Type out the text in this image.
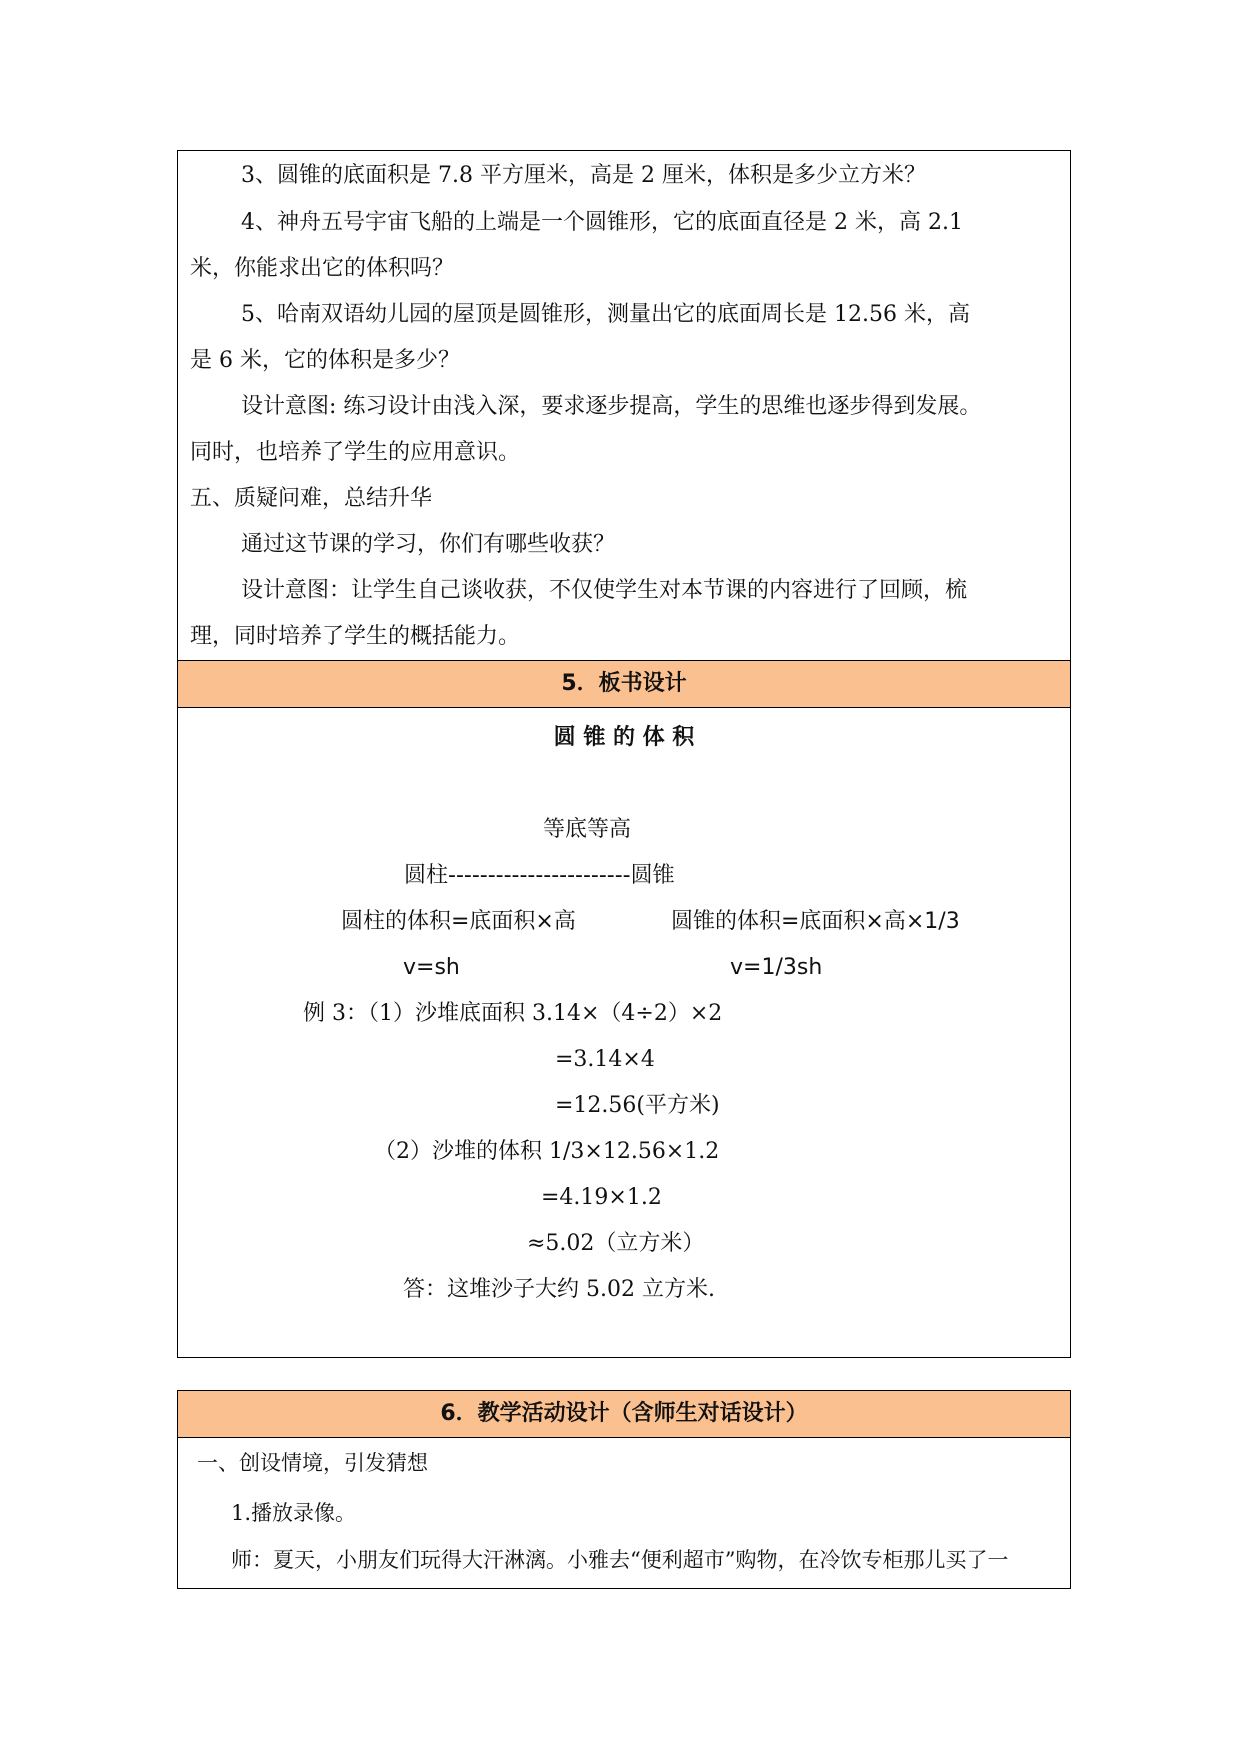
3、圆锥的底面积是 7.8 平方厘米，高是 2 厘米，体积是多少立方米？
4、神舟五号宇宙飞船的上端是一个圆锥形，它的底面直径是 2 米，高 2.1
米，你能求出它的体积吗？
5、哈南双语幼儿园的屋顶是圆锥形，测量出它的底面周长是 12.56 米，高
是 6 米，它的体积是多少？
设计意图: 练习设计由浅入深，要求逐步提高，学生的思维也逐步得到发展。
同时，也培养了学生的应用意识。
五、质疑问难，总结升华
通过这节课的学习，你们有哪些收获？
设计意图：让学生自己谈收获，不仅使学生对本节课的内容进行了回顾，梳
理，同时培养了学生的概括能力。
5．板书设计
圆 锥 的 体 积
等底等高
圆柱-----------------------圆锥
圆柱的体积=底面积×高	圆锥的体积=底面积×高×1/3
v=sh	v=1/3sh
例 3：（1）沙堆底面积 3.14×（4÷2）×2
=3.14×4
=12.56(平方米)
（2）沙堆的体积 1/3×12.56×1.2
=4.19×1.2
≈5.02（立方米）
答：这堆沙子大约 5.02 立方米.
6．教学活动设计（含师生对话设计）
一、创设情境，引发猜想
1.播放录像。
师：夏天，小朋友们玩得大汗淋漓。小雅去“便利超市”购物，在冷饮专柜那儿买了一
